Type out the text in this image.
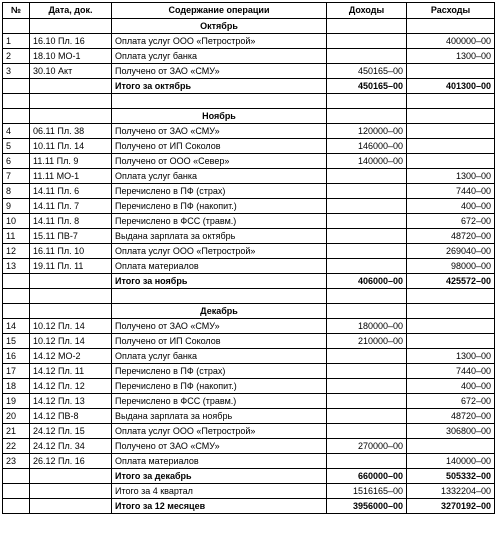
№	Дата, док.	Содержание операции	Доходы	Расходы
		Октябрь		
1	16.10 Пл. 16	Оплата услуг ООО «Петрострой»		400000–00
2	18.10 МО-1	Оплата услуг банка		1300–00
3	30.10 Акт	Получено от ЗАО «СМУ»	450165–00	
		Итого за октябрь	450165–00	401300–00

		Ноябрь		
4	06.11 Пл. 38	Получено от ЗАО «СМУ»	120000–00	
5	10.11 Пл. 14	Получено от ИП Соколов	146000–00	
6	11.11 Пл. 9	Получено от ООО «Север»	140000–00	
7	11.11 МО-1	Оплата услуг банка		1300–00
8	14.11 Пл. 6	Перечислено в ПФ (страх)		7440–00
9	14.11 Пл. 7	Перечислено в ПФ (накопит.)		400–00
10	14.11 Пл. 8	Перечислено в ФСС (травм.)		672–00
11	15.11 ПВ-7	Выдана зарплата за октябрь		48720–00
12	16.11 Пл. 10	Оплата услуг ООО «Петрострой»		269040–00
13	19.11 Пл. 11	Оплата материалов		98000–00
		Итого за ноябрь	406000–00	425572–00

		Декабрь		
14	10.12 Пл. 14	Получено от ЗАО «СМУ»	180000–00	
15	10.12 Пл. 14	Получено от ИП Соколов	210000–00	
16	14.12 МО-2	Оплата услуг банка		1300–00
17	14.12 Пл. 11	Перечислено в ПФ (страх)		7440–00
18	14.12 Пл. 12	Перечислено в ПФ (накопит.)		400–00
19	14.12 Пл. 13	Перечислено в ФСС (травм.)		672–00
20	14.12 ПВ-8	Выдана зарплата за ноябрь		48720–00
21	24.12 Пл. 15	Оплата услуг ООО «Петрострой»		306800–00
22	24.12 Пл. 34	Получено от ЗАО «СМУ»	270000–00	
23	26.12 Пл. 16	Оплата материалов		140000–00
		Итого за декабрь	660000–00	505332–00
		Итого за 4 квартал	1516165–00	1332204–00
		Итого за 12 месяцев	3956000–00	3270192–00
